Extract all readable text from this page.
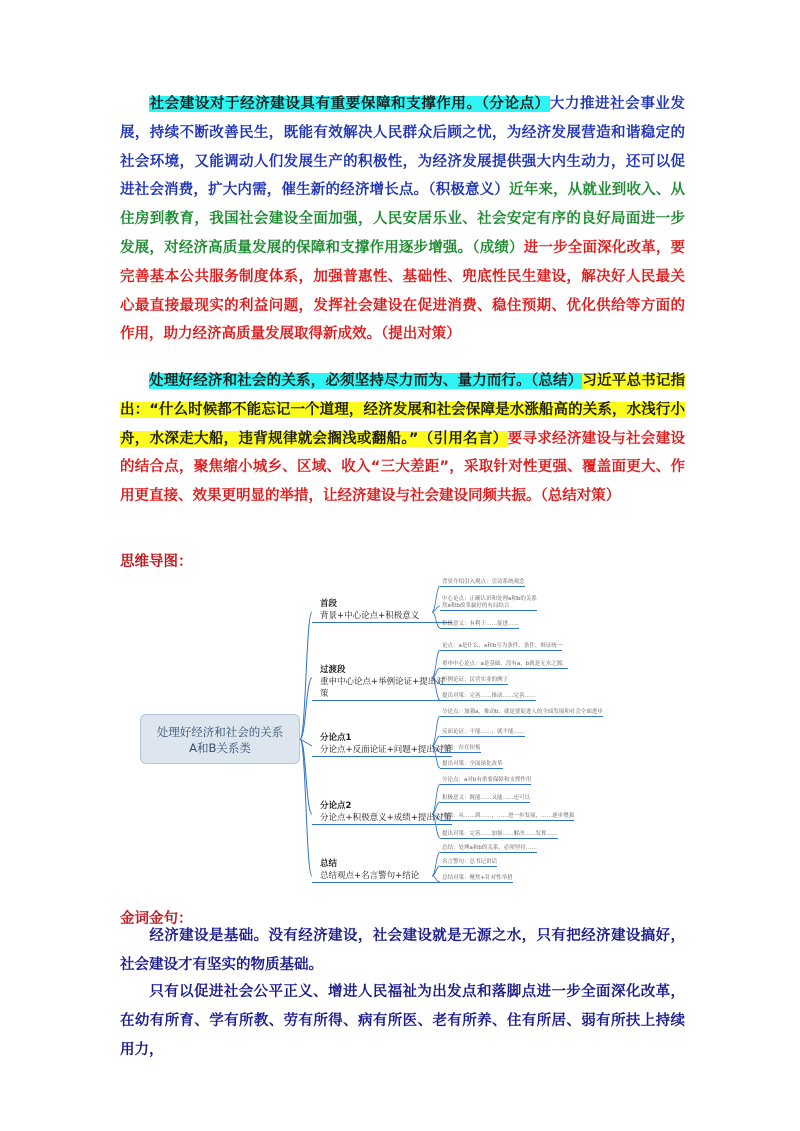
社会建设对于经济建设具有重要保障和支撑作用。（分论点）大力推进社会事业发展，持续不断改善民生，既能有效解决人民群众后顾之忧，为经济发展营造和谐稳定的社会环境，又能调动人们发展生产的积极性，为经济发展提供强大内生动力，还可以促进社会消费，扩大内需，催生新的经济增长点。（积极意义）近年来，从就业到收入、从住房到教育，我国社会建设全面加强，人民安居乐业、社会安定有序的良好局面进一步发展，对经济高质量发展的保障和支撑作用逐步增强。（成绩）进一步全面深化改革，要完善基本公共服务制度体系，加强普惠性、基础性、兜底性民生建设，解决好人民最关心最直接最现实的利益问题，发挥社会建设在促进消费、稳住预期、优化供给等方面的作用，助力经济高质量发展取得新成效。（提出对策）

处理好经济和社会的关系，必须坚持尽力而为、量力而行。（总结）习近平总书记指出：“什么时候都不能忘记一个道理，经济发展和社会保障是水涨船高的关系，水浅行小舟，水深走大船，违背规律就会搁浅或翻船。”（引用名言）要寻求经济建设与社会建设的结合点，聚焦缩小城乡、区域、收入“三大差距”，采取针对性更强、覆盖面更大、作用更直接、效果更明显的举措，让经济建设与社会建设同频共振。（总结对策）

思维导图：
处理好经济和社会的关系
A和B关系类
首段
背景+中心论点+积极意义
背景介绍引入观点：引诗系统观念
中心论点：正确认识和处理a和b的关系
然a和b改革赢好的有局结合
积极意义：有利于……促进……
过渡段
重申中心论点+举例论证+提出对策
论点：a是什么、a和b互为条件、条件、辩证统一
重申中心论点：a是基础，没有a，b就是无水之源。
举例论证：民营实业的例子
提出对策：完善……推动……完善……
分论点1
分论点+反面论证+问题+提出对策
分论点：加强a，推动b，就是要促进人的全面发展和社会全面进步
反面论证：不能……，就不能……
问题：存在短板
提出对策：全面深化改革
分论点2
分论点+积极意义+成绩+提出对策
分论点：a对b有重要保障和支撑作用
积极意义：既能……又能……还可以
成绩：从……到……，……进一步发展，……逐步增强
提出对策：完善……加强……解决……发挥……
总结
总结观点+名言警句+结论
总结：处理a和b的关系，必须坚持……
名言警句：总书记讲话
总结对策：聚焦+针对性举措
金词金句：

经济建设是基础。没有经济建设，社会建设就是无源之水，只有把经济建设搞好，社会建设才有坚实的物质基础。

只有以促进社会公平正义、增进人民福祉为出发点和落脚点进一步全面深化改革，在幼有所育、学有所教、劳有所得、病有所医、老有所养、住有所居、弱有所扶上持续用力，
